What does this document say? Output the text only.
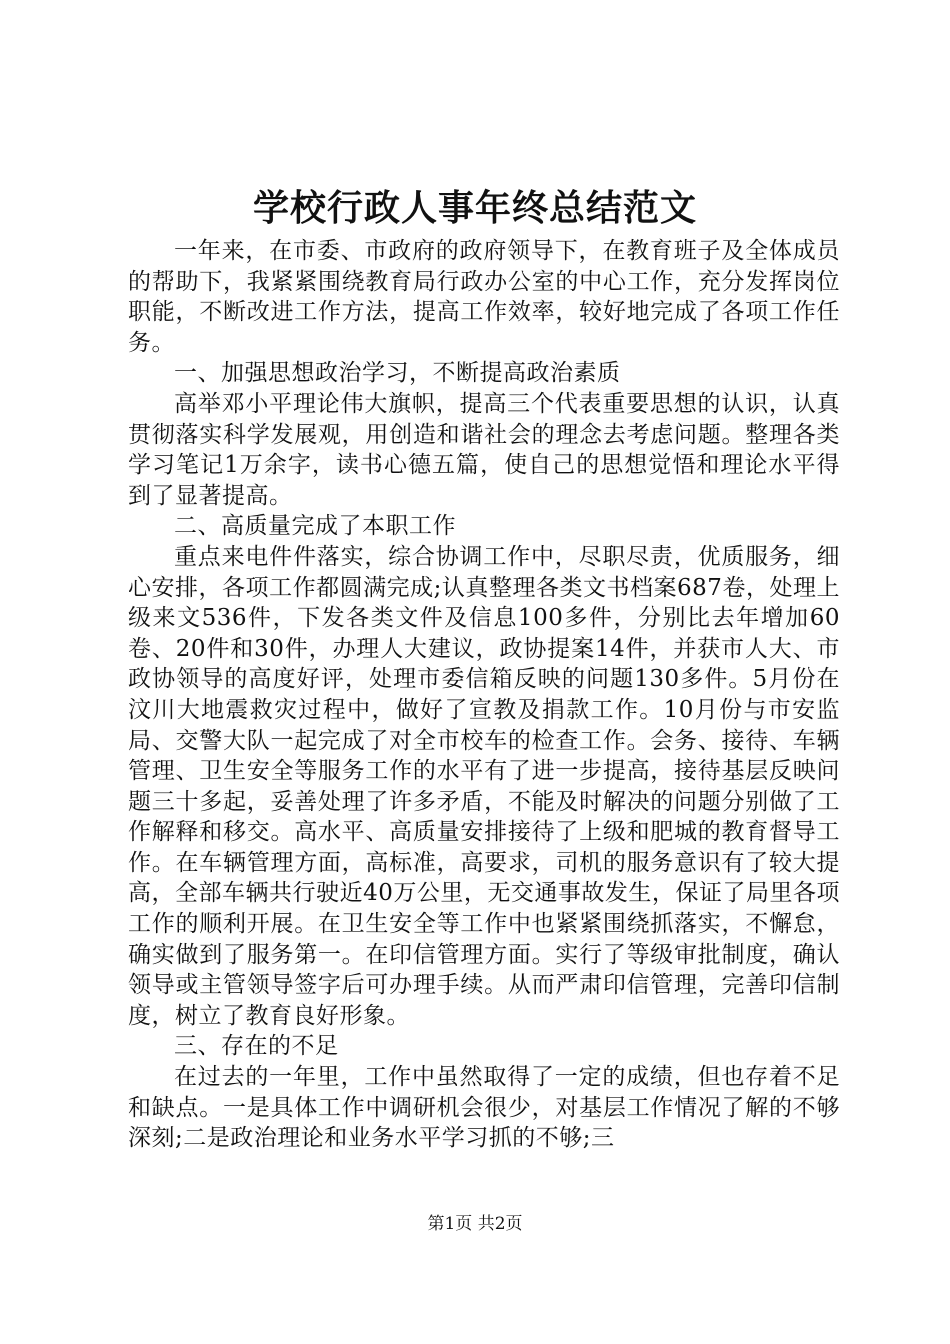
学校行政人事年终总结范文

一年来，在市委、市政府的政府领导下，在教育班子及全体成员的帮助下，我紧紧围绕教育局行政办公室的中心工作，充分发挥岗位职能，不断改进工作方法，提高工作效率，较好地完成了各项工作任务。

一、加强思想政治学习，不断提高政治素质

高举邓小平理论伟大旗帜，提高三个代表重要思想的认识，认真贯彻落实科学发展观，用创造和谐社会的理念去考虑问题。整理各类学习笔记1万余字，读书心德五篇，使自己的思想觉悟和理论水平得到了显著提高。

二、高质量完成了本职工作

重点来电件件落实，综合协调工作中，尽职尽责，优质服务，细心安排，各项工作都圆满完成;认真整理各类文书档案687卷，处理上级来文536件，下发各类文件及信息100多件，分别比去年增加60卷、20件和30件，办理人大建议，政协提案14件，并获市人大、市政协领导的高度好评，处理市委信箱反映的问题130多件。5月份在汶川大地震救灾过程中，做好了宣教及捐款工作。10月份与市安监局、交警大队一起完成了对全市校车的检查工作。会务、接待、车辆管理、卫生安全等服务工作的水平有了进一步提高，接待基层反映问题三十多起，妥善处理了许多矛盾，不能及时解决的问题分别做了工作解释和移交。高水平、高质量安排接待了上级和肥城的教育督导工作。在车辆管理方面，高标准，高要求，司机的服务意识有了较大提高，全部车辆共行驶近40万公里，无交通事故发生，保证了局里各项工作的顺利开展。在卫生安全等工作中也紧紧围绕抓落实，不懈怠，确实做到了服务第一。在印信管理方面。实行了等级审批制度，确认领导或主管领导签字后可办理手续。从而严肃印信管理，完善印信制度，树立了教育良好形象。

三、存在的不足

在过去的一年里，工作中虽然取得了一定的成绩，但也存着不足和缺点。一是具体工作中调研机会很少，对基层工作情况了解的不够深刻;二是政治理论和业务水平学习抓的不够;三

第1页 共2页
